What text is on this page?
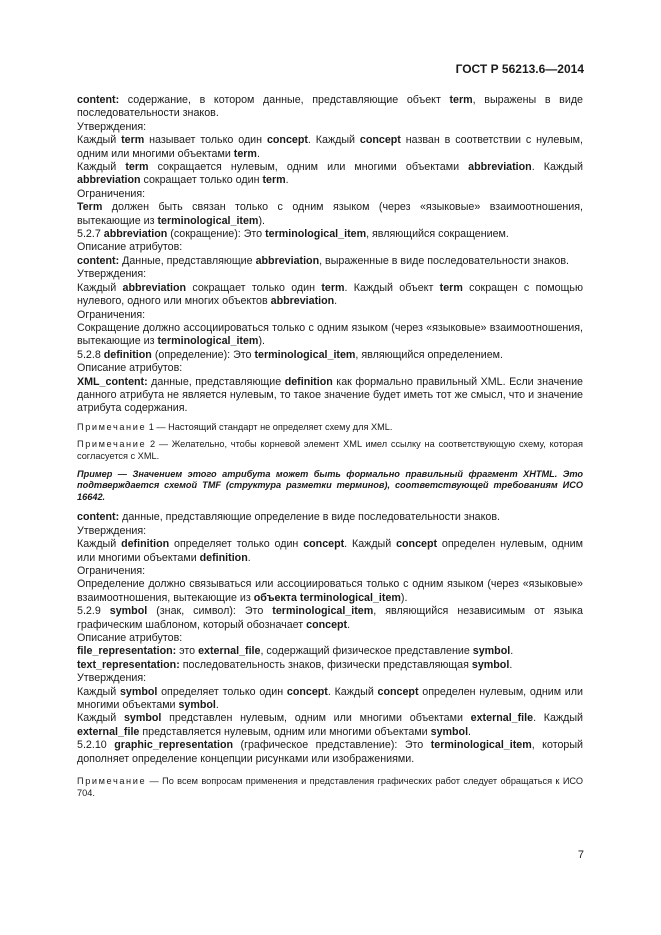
ГОСТ Р 56213.6—2014

content: содержание, в котором данные, представляющие объект term, выражены в виде последовательности знаков.

Утверждения:

Каждый term называет только один concept. Каждый concept назван в соответствии с нулевым, одним или многими объектами term.

Каждый term сокращается нулевым, одним или многими объектами abbreviation. Каждый abbreviation сокращает только один term.

Ограничения:

Term должен быть связан только с одним языком (через «языковые» взаимоотношения, вытекающие из terminological_item).

5.2.7 abbreviation (сокращение): Это terminological_item, являющийся сокращением.

Описание атрибутов:

content: Данные, представляющие abbreviation, выраженные в виде последовательности знаков.

Утверждения:

Каждый abbreviation сокращает только один term. Каждый объект term сокращен с помощью нулевого, одного или многих объектов abbreviation.

Ограничения:

Сокращение должно ассоциироваться только с одним языком (через «языковые» взаимоотношения, вытекающие из terminological_item).

5.2.8 definition (определение): Это terminological_item, являющийся определением.

Описание атрибутов:

XML_content: данные, представляющие definition как формально правильный XML. Если значение данного атрибута не является нулевым, то такое значение будет иметь тот же смысл, что и значение атрибута содержания.

Примечание 1 — Настоящий стандарт не определяет схему для XML.

Примечание 2 — Желательно, чтобы корневой элемент XML имел ссылку на соответствующую схему, которая согласуется с XML.

Пример — Значением этого атрибута может быть формально правильный фрагмент XHTML. Это подтверждается схемой TMF (структура разметки терминов), соответствующей требованиям ИСО 16642.

content: данные, представляющие определение в виде последовательности знаков.

Утверждения:

Каждый definition определяет только один concept. Каждый concept определен нулевым, одним или многими объектами definition.

Ограничения:

Определение должно связываться или ассоциироваться только с одним языком (через «языковые» взаимоотношения, вытекающие из объекта terminological_item).

5.2.9 symbol (знак, символ): Это terminological_item, являющийся независимым от языка графическим шаблоном, который обозначает concept.

Описание атрибутов:

file_representation: это external_file, содержащий физическое представление symbol.

text_representation: последовательность знаков, физически представляющая symbol.

Утверждения:

Каждый symbol определяет только один concept. Каждый concept определен нулевым, одним или многими объектами symbol.

Каждый symbol представлен нулевым, одним или многими объектами external_file. Каждый external_file представляется нулевым, одним или многими объектами symbol.

5.2.10 graphic_representation (графическое представление): Это terminological_item, который дополняет определение концепции рисунками или изображениями.

Примечание — По всем вопросам применения и представления графических работ следует обращаться к ИСО 704.

7
